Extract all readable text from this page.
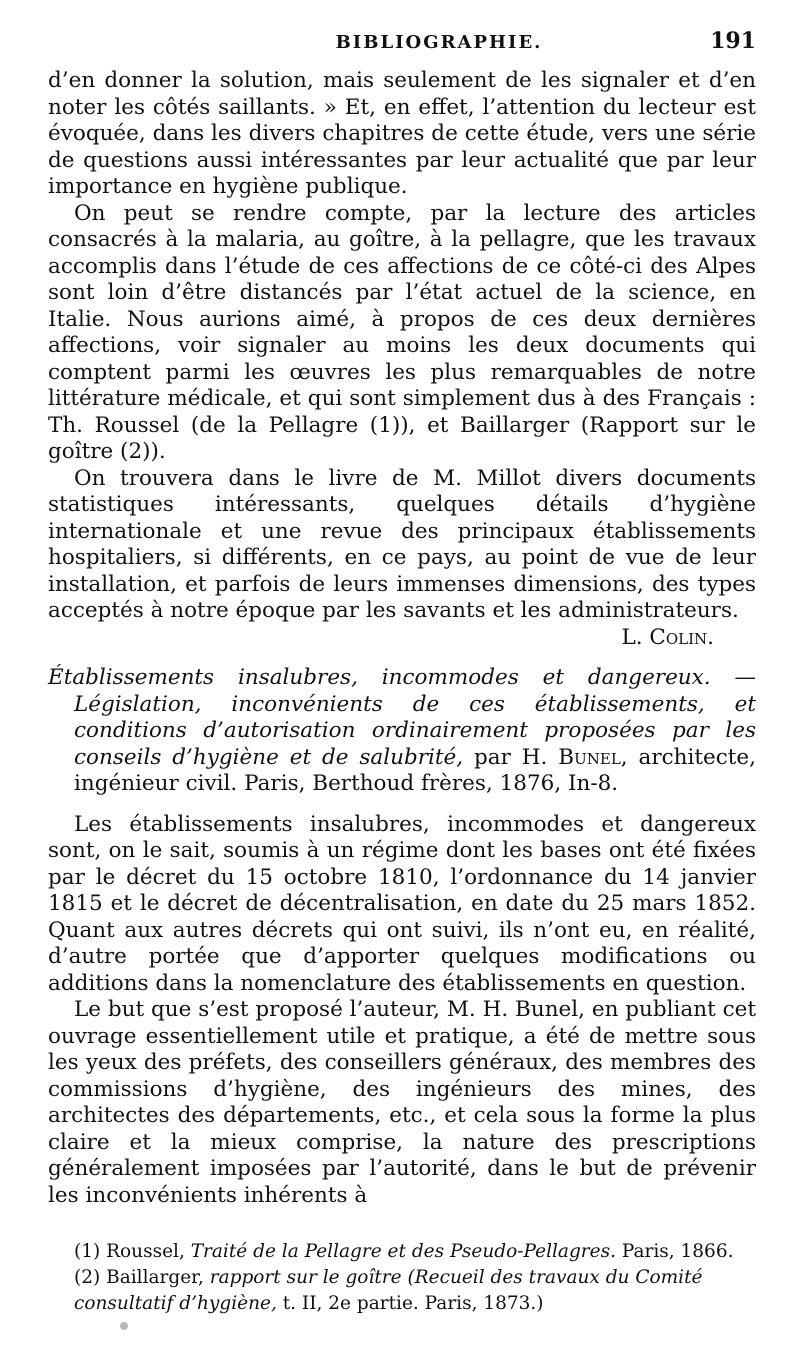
BIBLIOGRAPHIE.	191

d’en donner la solution, mais seulement de les signaler et d’en noter les côtés saillants. » Et, en effet, l’attention du lecteur est évoquée, dans les divers chapitres de cette étude, vers une série de questions aussi intéressantes par leur actualité que par leur importance en hygiène publique.

On peut se rendre compte, par la lecture des articles consacrés à la malaria, au goître, à la pellagre, que les travaux accomplis dans l’étude de ces affections de ce côté-ci des Alpes sont loin d’être distancés par l’état actuel de la science, en Italie. Nous aurions aimé, à propos de ces deux dernières affections, voir signaler au moins les deux documents qui comptent parmi les œuvres les plus remarquables de notre littérature médicale, et qui sont simplement dus à des Français : Th. Roussel (de la Pellagre (1)), et Baillarger (Rapport sur le goître (2)).

On trouvera dans le livre de M. Millot divers documents statistiques intéressants, quelques détails d’hygiène internationale et une revue des principaux établissements hospitaliers, si différents, en ce pays, au point de vue de leur installation, et parfois de leurs immenses dimensions, des types acceptés à notre époque par les savants et les administrateurs.

L. Colin.

Établissements insalubres, incommodes et dangereux. — Législation, inconvénients de ces établissements, et conditions d’autorisation ordinairement proposées par les conseils d’hygiène et de salubrité, par H. Bunel, architecte, ingénieur civil. Paris, Berthoud frères, 1876, In-8.

Les établissements insalubres, incommodes et dangereux sont, on le sait, soumis à un régime dont les bases ont été fixées par le décret du 15 octobre 1810, l’ordonnance du 14 janvier 1815 et le décret de décentralisation, en date du 25 mars 1852. Quant aux autres décrets qui ont suivi, ils n’ont eu, en réalité, d’autre portée que d’apporter quelques modifications ou additions dans la nomenclature des établissements en question.

Le but que s’est proposé l’auteur, M. H. Bunel, en publiant cet ouvrage essentiellement utile et pratique, a été de mettre sous les yeux des préfets, des conseillers généraux, des membres des commissions d’hygiène, des ingénieurs des mines, des architectes des départements, etc., et cela sous la forme la plus claire et la mieux comprise, la nature des prescriptions généralement imposées par l’autorité, dans le but de prévenir les inconvénients inhérents à

(1) Roussel, Traité de la Pellagre et des Pseudo-Pellagres. Paris, 1866.

(2) Baillarger, rapport sur le goître (Recueil des travaux du Comité consultatif d’hygiène, t. II, 2e partie. Paris, 1873.)
